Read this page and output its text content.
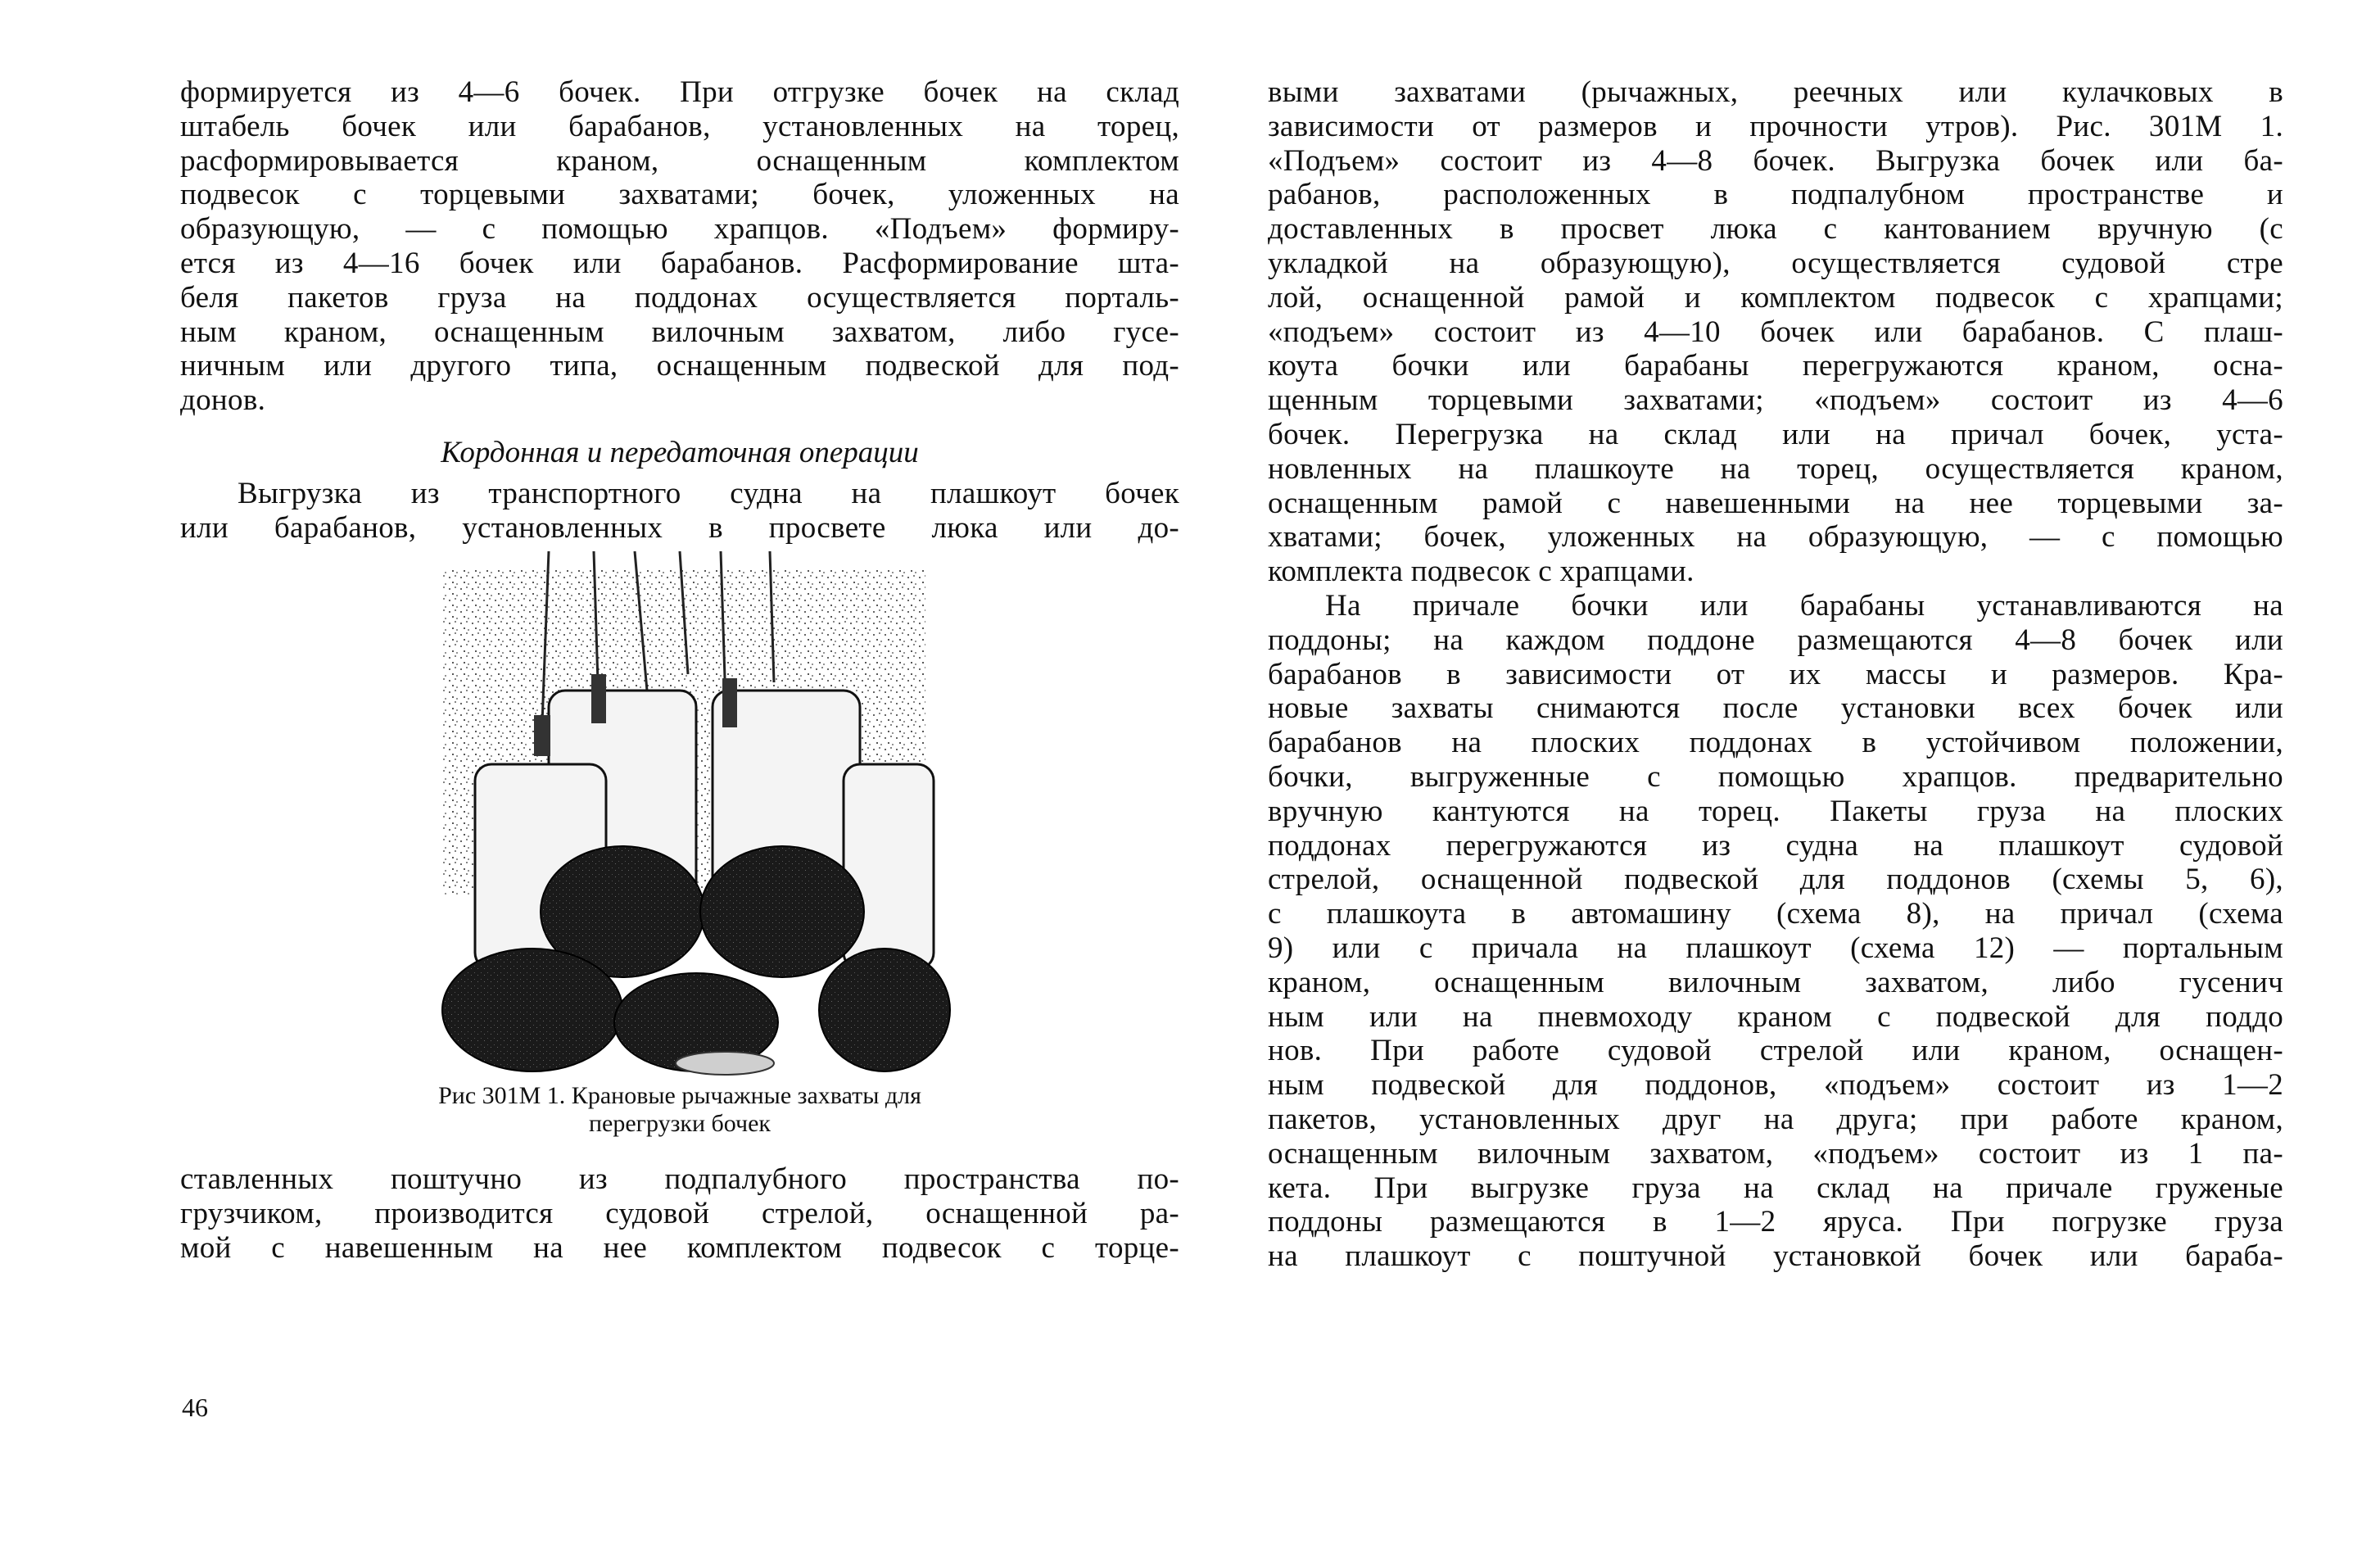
формируется из 4—6 бочек. При отгрузке бочек на склад
штабель бочек или барабанов, установленных на торец,
расформировывается краном, оснащенным комплектом
подвесок с торцевыми захватами; бочек, уложенных на
образующую, — с помощью храпцов. «Подъем» формиру-
ется из 4—16 бочек или барабанов. Расформирование шта-
беля пакетов груза на поддонах осуществляется порталь-
ным краном, оснащенным вилочным захватом, либо гусе-
ничным или другого типа, оснащенным подвеской для под-
донов.
Кордонная и передаточная операции
Выгрузка из транспортного судна на плашкоут бочек
или барабанов, установленных в просвете люка или до-
Рис 301М 1. Крановые рычажные захваты для
перегрузки бочек
ставленных поштучно из подпалубного пространства по-
грузчиком, производится судовой стрелой, оснащенной ра-
мой с навешенным на нее комплектом подвесок с торце-
46
выми захватами (рычажных, реечных или кулачковых в
зависимости от размеров и прочности утров). Рис. 301М 1.
«Подъем» состоит из 4—8 бочек. Выгрузка бочек или ба-
рабанов, расположенных в подпалубном пространстве и
доставленных в просвет люка с кантованием вручную (с
укладкой на образующую), осуществляется судовой стре
лой, оснащенной рамой и комплектом подвесок с храпцами;
«подъем» состоит из 4—10 бочек или барабанов. С плаш-
коута бочки или барабаны перегружаются краном, осна-
щенным торцевыми захватами; «подъем» состоит из 4—6
бочек. Перегрузка на склад или на причал бочек, уста-
новленных на плашкоуте на торец, осуществляется краном,
оснащенным рамой с навешенными на нее торцевыми за-
хватами; бочек, уложенных на образующую, — с помощью
комплекта подвесок с храпцами.
На причале бочки или барабаны устанавливаются на
поддоны; на каждом поддоне размещаются 4—8 бочек или
барабанов в зависимости от их массы и размеров. Кра-
новые захваты снимаются после установки всех бочек или
барабанов на плоских поддонах в устойчивом положении,
бочки, выгруженные с помощью храпцов. предварительно
вручную кантуются на торец. Пакеты груза на плоских
поддонах перегружаются из судна на плашкоут судовой
стрелой, оснащенной подвеской для поддонов (схемы 5, 6),
с плашкоута в автомашину (схема 8), на причал (схема
9) или с причала на плашкоут (схема 12) — портальным
краном, оснащенным вилочным захватом, либо гусенич
ным или на пневмоходу краном с подвеской для поддо
нов. При работе судовой стрелой или краном, оснащен-
ным подвеской для поддонов, «подъем» состоит из 1—2
пакетов, установленных друг на друга; при работе краном,
оснащенным вилочным захватом, «подъем» состоит из 1 па-
кета. При выгрузке груза на склад на причале груженые
поддоны размещаются в 1—2 яруса. При погрузке груза
на плашкоут с поштучной установкой бочек или бараба-
